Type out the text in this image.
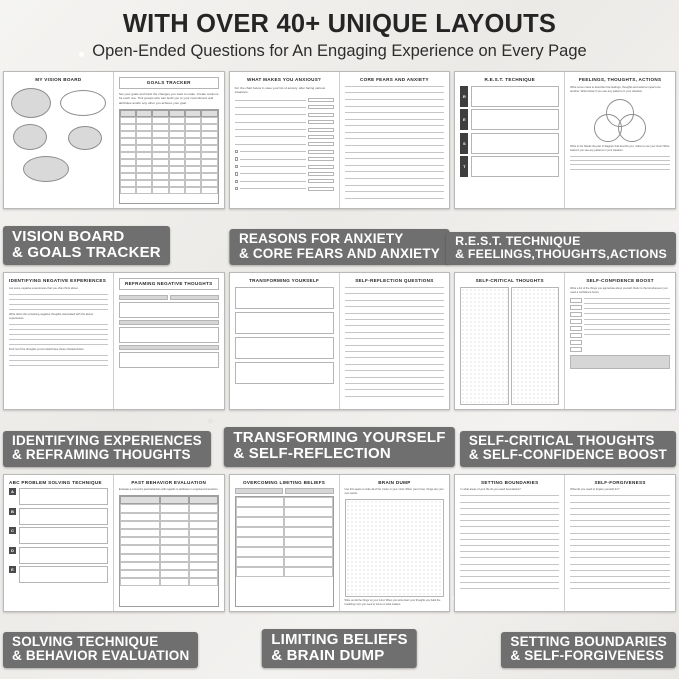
WITH OVER 40+ UNIQUE LAYOUTS
Open-Ended Questions for An Engaging Experience on Every Page
MY VISION BOARD
GOALS TRACKER
Set your goals and track the changes you want to make. Create columns for each one. Tick groups who can build you to your commitment and attributes and/or any other you achieve your goal.
VISION BOARD
& GOALS TRACKER
WHAT MAKES YOU ANXIOUS?
For the chart below in case your list of anxiety, after facing various situations.
CORE FEARS AND ANXIETY
REASONS FOR ANXIETY
& CORE FEARS AND ANXIETY
R.E.S.T. TECHNIQUE
R
E
S
T
FEELINGS, THOUGHTS, ACTIONS
Write some notes to describe how feelings, thoughts and actions impact one another. Write below if you see any patterns in your situation.
Write in the blanks the part of diagram that best fits you; notice to use your time? Write below if you see any patterns in your situation.
R.E.S.T. TECHNIQUE
& FEELINGS,THOUGHTS,ACTIONS
IDENTIFYING NEGATIVE EXPERIENCES
List some negative experiences that you often think about.
Write down the remaining negative thoughts associated with the above experiences.
Find out if the thoughts you've listed have these characteristics.
REFRAMING NEGATIVE THOUGHTS
IDENTIFYING EXPERIENCES
& REFRAMING THOUGHTS
TRANSFORMING YOURSELF	SELF-REFLECTION QUESTIONS
TRANSFORMING YOURSELF
& SELF-REFLECTION
SELF-CRITICAL THOUGHTS	SELF-CONFIDENCE BOOST
Write a list of the things you appreciate about yourself. Refer to the list whenever you need a confidence boost.
SELF-CRITICAL THOUGHTS
& SELF-CONFIDENCE BOOST
ABC PROBLEM SOLVING TECHNIQUE
A
B
C
D
E
PAST BEHAVIOR EVALUATION
Evaluate a moment's past behaviors with regards to attributes in experienced sections.
SOLVING TECHNIQUE
& BEHAVIOR EVALUATION
OVERCOMING LIMITING BELIEFS	BRAIN DUMP
Use this space to write all of the 'noise' in your mind. When you're free, things are your own words.
Write out all the things on your mind. When you write down your thoughts you build the breathing room you need to focus on what matters.
LIMITING BELIEFS
& BRAIN DUMP
SETTING BOUNDARIES
In what areas of your life do you need boundaries?
SELF-FORGIVENESS
What do you need to forgive yourself for?
SETTING BOUNDARIES
& SELF-FORGIVENESS
